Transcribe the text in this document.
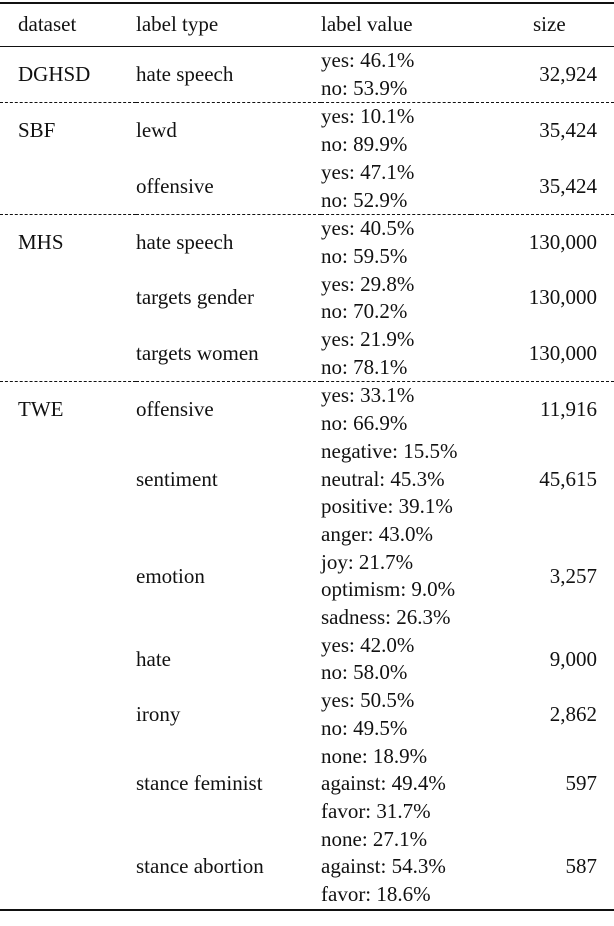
dataset	label type	label value	size
DGHSD	hate speech	yes: 46.1%
no: 53.9%	32,924
SBF	lewd	yes: 10.1%
no: 89.9%	35,424
	offensive	yes: 47.1%
no: 52.9%	35,424
MHS	hate speech	yes: 40.5%
no: 59.5%	130,000
	targets gender	yes: 29.8%
no: 70.2%	130,000
	targets women	yes: 21.9%
no: 78.1%	130,000
TWE	offensive	yes: 33.1%
no: 66.9%	11,916
	sentiment	negative: 15.5%
neutral: 45.3%
positive: 39.1%	45,615
	emotion	anger: 43.0%
joy: 21.7%
optimism: 9.0%
sadness: 26.3%	3,257
	hate	yes: 42.0%
no: 58.0%	9,000
	irony	yes: 50.5%
no: 49.5%	2,862
	stance feminist	none: 18.9%
against: 49.4%
favor: 31.7%	597
	stance abortion	none: 27.1%
against: 54.3%
favor: 18.6%	587
